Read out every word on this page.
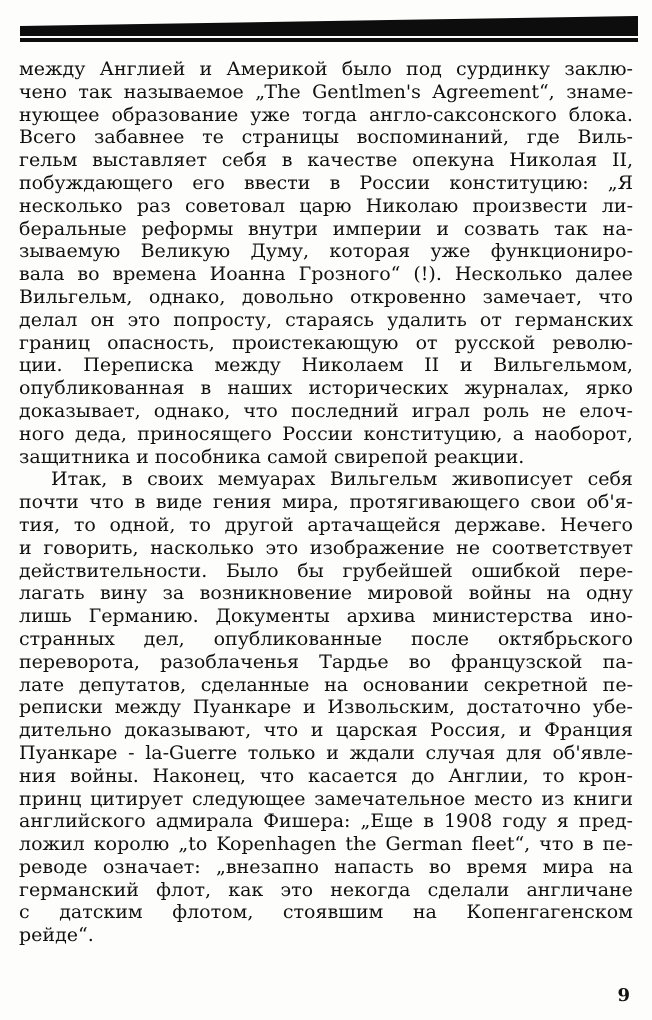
между Англией и Америкой было под сурдинку заклю-
чено так называемое „The Gentlmen's Agreement“, знаме-
нующее образование уже тогда англо-саксонского блока.
Всего забавнее те страницы воспоминаний, где Виль-
гельм выставляет себя в качестве опекуна Николая II,
побуждающего его ввести в России конституцию: „Я
несколько раз советовал царю Николаю произвести ли-
беральные реформы внутри империи и созвать так на-
зываемую Великую Думу, которая уже функциониро-
вала во времена Иоанна Грозного“ (!). Несколько далее
Вильгельм, однако, довольно откровенно замечает, что
делал он это попросту, стараясь удалить от германских
границ опасность, проистекающую от русской револю-
ции. Переписка между Николаем II и Вильгельмом,
опубликованная в наших исторических журналах, ярко
доказывает, однако, что последний играл роль не елоч-
ного деда, приносящего России конституцию, а наоборот,
защитника и пособника самой свирепой реакции.
Итак, в своих мемуарах Вильгельм живописует себя
почти что в виде гения мира, протягивающего свои об'я-
тия, то одной, то другой артачащейся державе. Нечего
и говорить, насколько это изображение не соответствует
действительности. Было бы грубейшей ошибкой пере-
лагать вину за возникновение мировой войны на одну
лишь Германию. Документы архива министерства ино-
странных дел, опубликованные после октябрьского
переворота, разоблаченья Тардье во французской па-
лате депутатов, сделанные на основании секретной пе-
реписки между Пуанкаре и Извольским, достаточно убе-
дительно доказывают, что и царская Россия, и Франция
Пуанкаре - la-Guerre только и ждали случая для об'явле-
ния войны. Наконец, что касается до Англии, то крон-
принц цитирует следующее замечательное место из книги
английского адмирала Фишера: „Еще в 1908 году я пред-
ложил королю „to Kopenhagen the German fleet“, что в пе-
реводе означает: „внезапно напасть во время мира на
германский флот, как это некогда сделали англичане
с датским флотом, стоявшим на Копенгагенском
рейде“.
9
